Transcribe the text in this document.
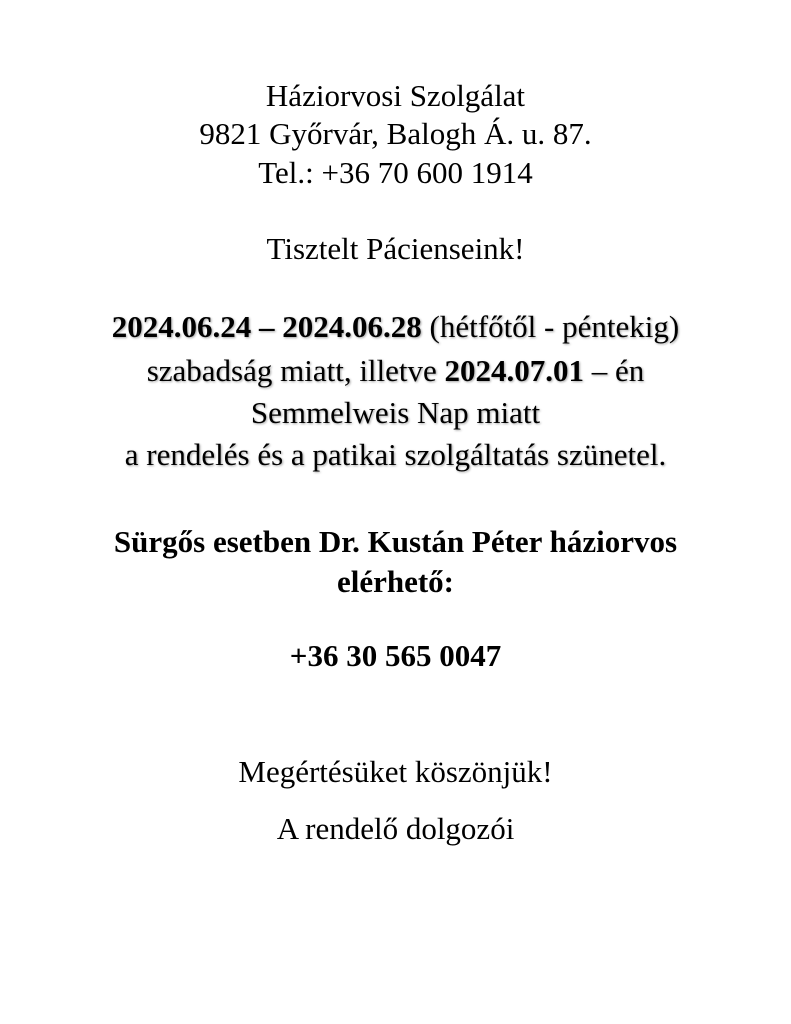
Háziorvosi Szolgálat
9821 Győrvár, Balogh Á. u. 87.
Tel.: +36 70 600 1914
Tisztelt Pácienseink!
2024.06.24 – 2024.06.28 (hétfőtől - péntekig)
szabadság miatt, illetve 2024.07.01 – én
Semmelweis Nap miatt
a rendelés és a patikai szolgáltatás szünetel.
Sürgős esetben Dr. Kustán Péter háziorvos
elérhető:
+36 30 565 0047
Megértésüket köszönjük!
A rendelő dolgozói
